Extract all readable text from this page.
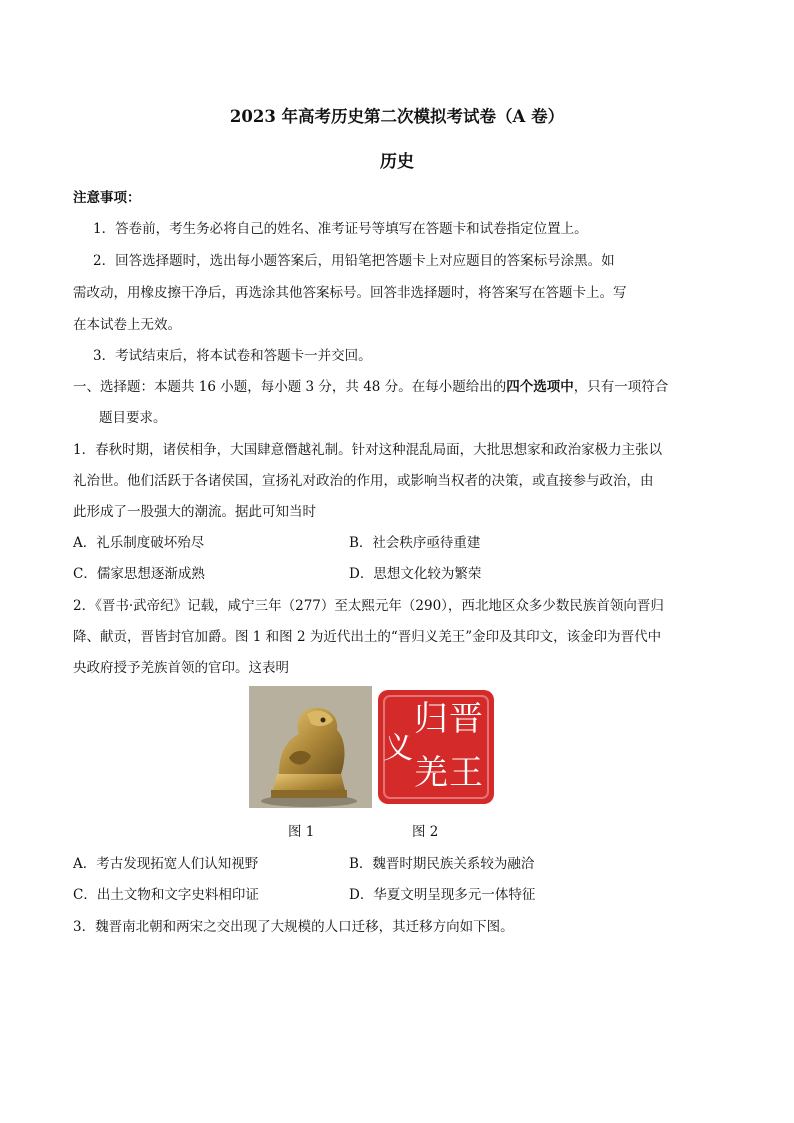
2023 年高考历史第二次模拟考试卷（A 卷）
历史
注意事项：
1．答卷前，考生务必将自己的姓名、准考证号等填写在答题卡和试卷指定位置上。
2．回答选择题时，选出每小题答案后，用铅笔把答题卡上对应题目的答案标号涂黑。如
需改动，用橡皮擦干净后，再选涂其他答案标号。回答非选择题时，将答案写在答题卡上。写
在本试卷上无效。
3．考试结束后，将本试卷和答题卡一并交回。
一、选择题：本题共 16 小题，每小题 3 分，共 48 分。在每小题给出的四个选项中，只有一项符合
题目要求。
1．春秋时期，诸侯相争，大国肆意僭越礼制。针对这种混乱局面，大批思想家和政治家极力主张以
礼治世。他们活跃于各诸侯国，宣扬礼对政治的作用，或影响当权者的决策，或直接参与政治，由
此形成了一股强大的潮流。据此可知当时
A．礼乐制度破坏殆尽	B．社会秩序亟待重建
C．儒家思想逐渐成熟	D．思想文化较为繁荣
2．《晋书·武帝纪》记载，咸宁三年（277）至太熙元年（290），西北地区众多少数民族首领向晋归
降、献贡，晋皆封官加爵。图 1 和图 2 为近代出土的“晋归义羌王”金印及其印文，该金印为晋代中
央政府授予羌族首领的官印。这表明
晋
王
归
羌
义
图 1	图 2
A．考古发现拓宽人们认知视野	B．魏晋时期民族关系较为融洽
C．出土文物和文字史料相印证	D．华夏文明呈现多元一体特征
3．魏晋南北朝和两宋之交出现了大规模的人口迁移，其迁移方向如下图。
